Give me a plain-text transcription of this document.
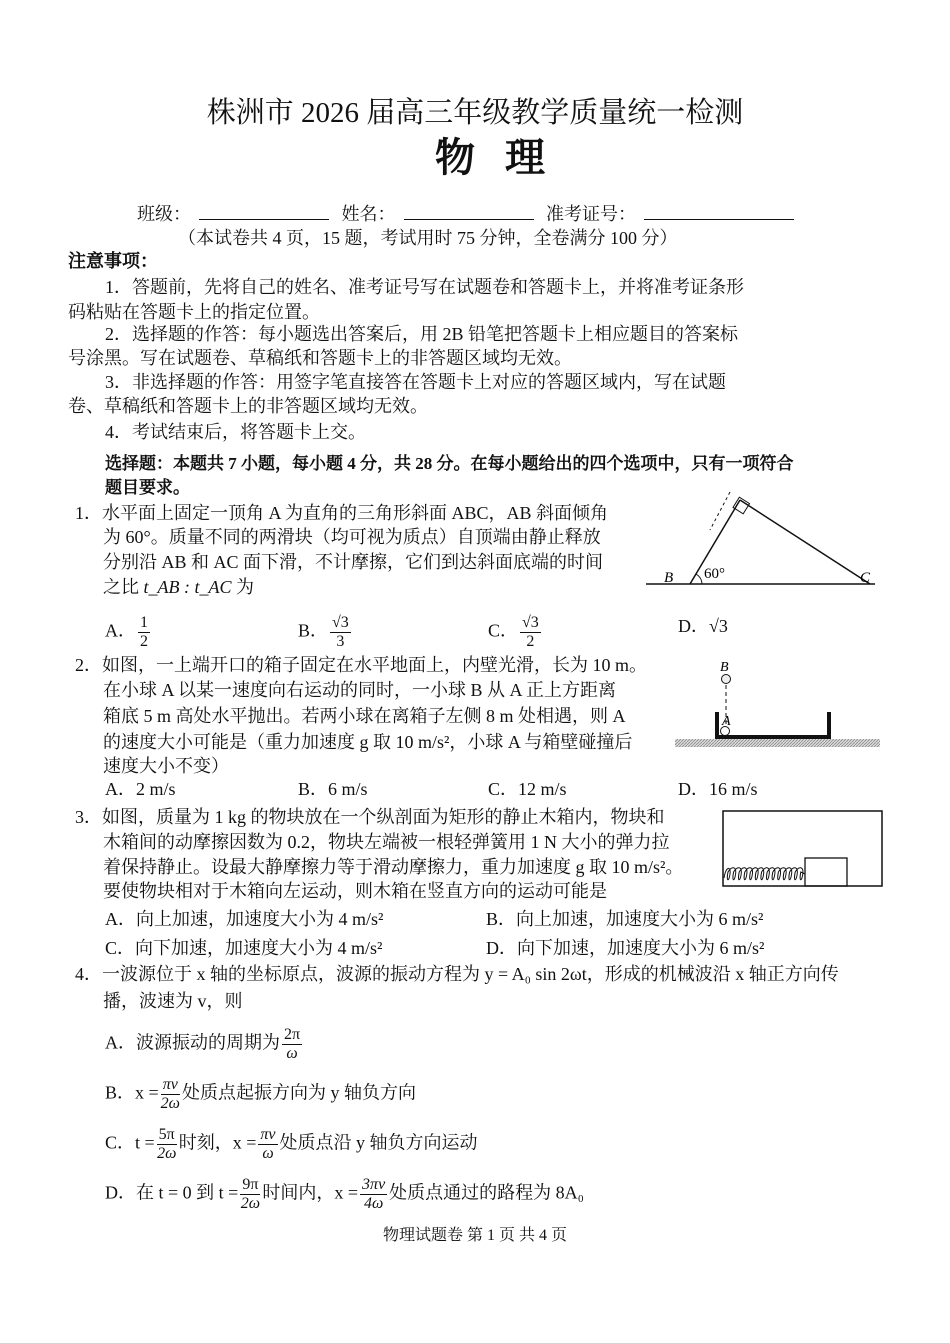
株洲市 2026 届高三年级教学质量统一检测
物理
班级：	姓名：	准考证号：
（本试卷共 4 页，15 题，考试用时 75 分钟，全卷满分 100 分）
注意事项：
1．答题前，先将自己的姓名、准考证号写在试题卷和答题卡上，并将准考证条形
码粘贴在答题卡上的指定位置。
2．选择题的作答：每小题选出答案后，用 2B 铅笔把答题卡上相应题目的答案标
号涂黑。写在试题卷、草稿纸和答题卡上的非答题区域均无效。
3．非选择题的作答：用签字笔直接答在答题卡上对应的答题区域内，写在试题
卷、草稿纸和答题卡上的非答题区域均无效。
4．考试结束后，将答题卡上交。
选择题：本题共 7 小题，每小题 4 分，共 28 分。在每小题给出的四个选项中，只有一项符合
题目要求。
1．水平面上固定一顶角 A 为直角的三角形斜面 ABC，AB 斜面倾角
为 60°。质量不同的两滑块（均可视为质点）自顶端由静止释放
分别沿 AB 和 AC 面下滑，不计摩擦，它们到达斜面底端的时间
之比 t_AB : t_AC 为
A． $\frac{1}{2}$	B． $\frac{√3}{3}$	C． $\frac{√3}{2}$	D．√3
B 60°	C
2．如图，一上端开口的箱子固定在水平地面上，内壁光滑，长为 10 m。
在小球 A 以某一速度向右运动的同时，一小球 B 从 A 正上方距离
箱底 5 m 高处水平抛出。若两小球在离箱子左侧 8 m 处相遇，则 A
的速度大小可能是（重力加速度 g 取 10 m/s²，小球 A 与箱壁碰撞后
速度大小不变）
A．2 m/s	B．6 m/s	C．12 m/s	D．16 m/s
B
A
3．如图，质量为 1 kg 的物块放在一个纵剖面为矩形的静止木箱内，物块和
木箱间的动摩擦因数为 0.2，物块左端被一根轻弹簧用 1 N 大小的弹力拉
着保持静止。设最大静摩擦力等于滑动摩擦力，重力加速度 g 取 10 m/s²。
要使物块相对于木箱向左运动，则木箱在竖直方向的运动可能是
A．向上加速，加速度大小为 4 m/s²	B．向上加速，加速度大小为 6 m/s²
C．向下加速，加速度大小为 4 m/s²	D．向下加速，加速度大小为 6 m/s²
4．一波源位于 x 轴的坐标原点，波源的振动方程为 y = A₀ sin 2ωt，形成的机械波沿 x 轴正方向传
播，波速为 v，则
A．波源振动的周期为 $\frac{2\pi}{\omega}$
B．$x = \frac{\pi v}{2\omega}$ 处质点起振方向为 y 轴负方向
C．$t = \frac{5\pi}{2\omega}$ 时刻，$x = \frac{\pi v}{\omega}$ 处质点沿 y 轴负方向运动
D．在 t = 0 到 $t = \frac{9\pi}{2\omega}$ 时间内，$x = \frac{3\pi v}{4\omega}$ 处质点通过的路程为 8A₀
物理试题卷 第 1 页 共 4 页
